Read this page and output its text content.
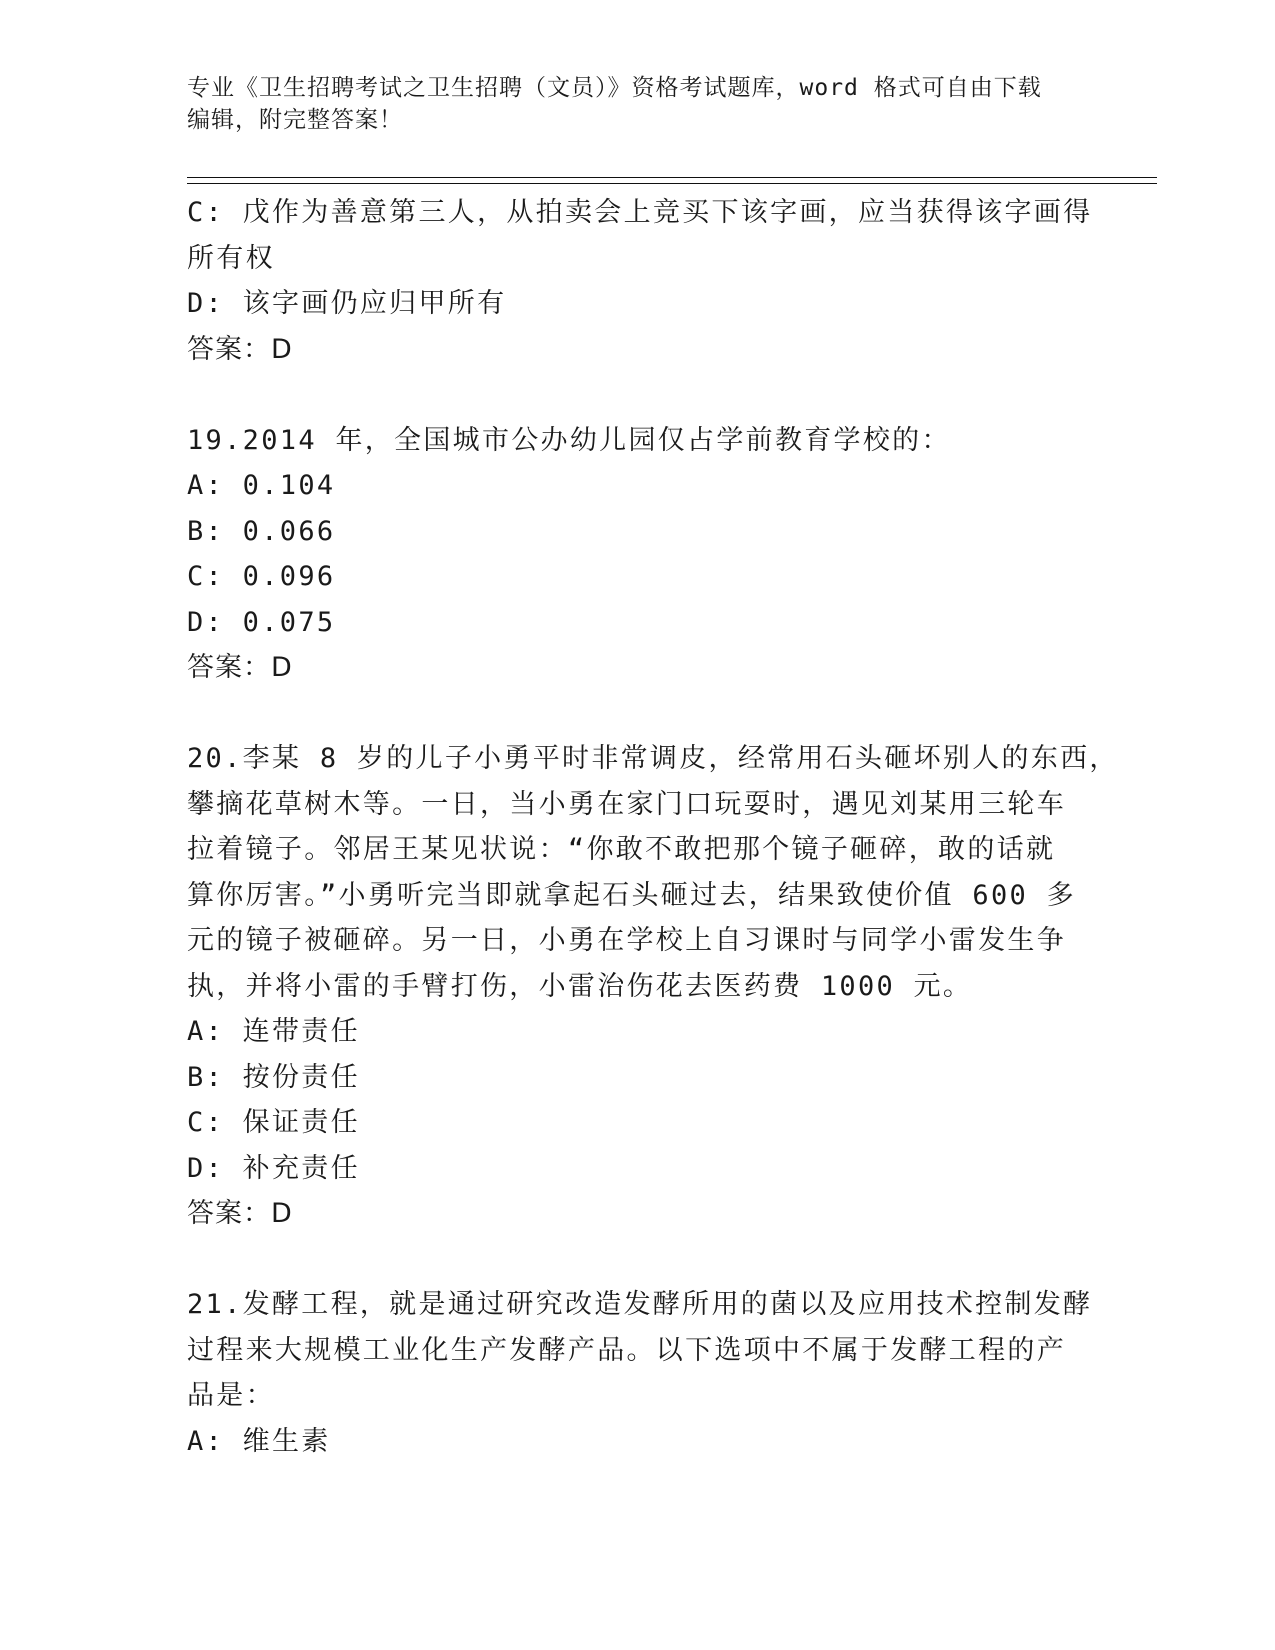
专业《卫生招聘考试之卫生招聘（文员）》资格考试题库，word 格式可自由下载
编辑，附完整答案！
C: 戊作为善意第三人，从拍卖会上竞买下该字画，应当获得该字画得
所有权
D: 该字画仍应归甲所有
答案：D
19.2014 年，全国城市公办幼儿园仅占学前教育学校的：
A: 0.104
B: 0.066
C: 0.096
D: 0.075
答案：D
20.李某 8 岁的儿子小勇平时非常调皮，经常用石头砸坏别人的东西，
攀摘花草树木等。一日，当小勇在家门口玩耍时，遇见刘某用三轮车
拉着镜子。邻居王某见状说：“你敢不敢把那个镜子砸碎，敢的话就
算你厉害。”小勇听完当即就拿起石头砸过去，结果致使价值 600 多
元的镜子被砸碎。另一日，小勇在学校上自习课时与同学小雷发生争
执，并将小雷的手臂打伤，小雷治伤花去医药费 1000 元。
A: 连带责任
B: 按份责任
C: 保证责任
D: 补充责任
答案：D
21.发酵工程，就是通过研究改造发酵所用的菌以及应用技术控制发酵
过程来大规模工业化生产发酵产品。以下选项中不属于发酵工程的产
品是：
A: 维生素
